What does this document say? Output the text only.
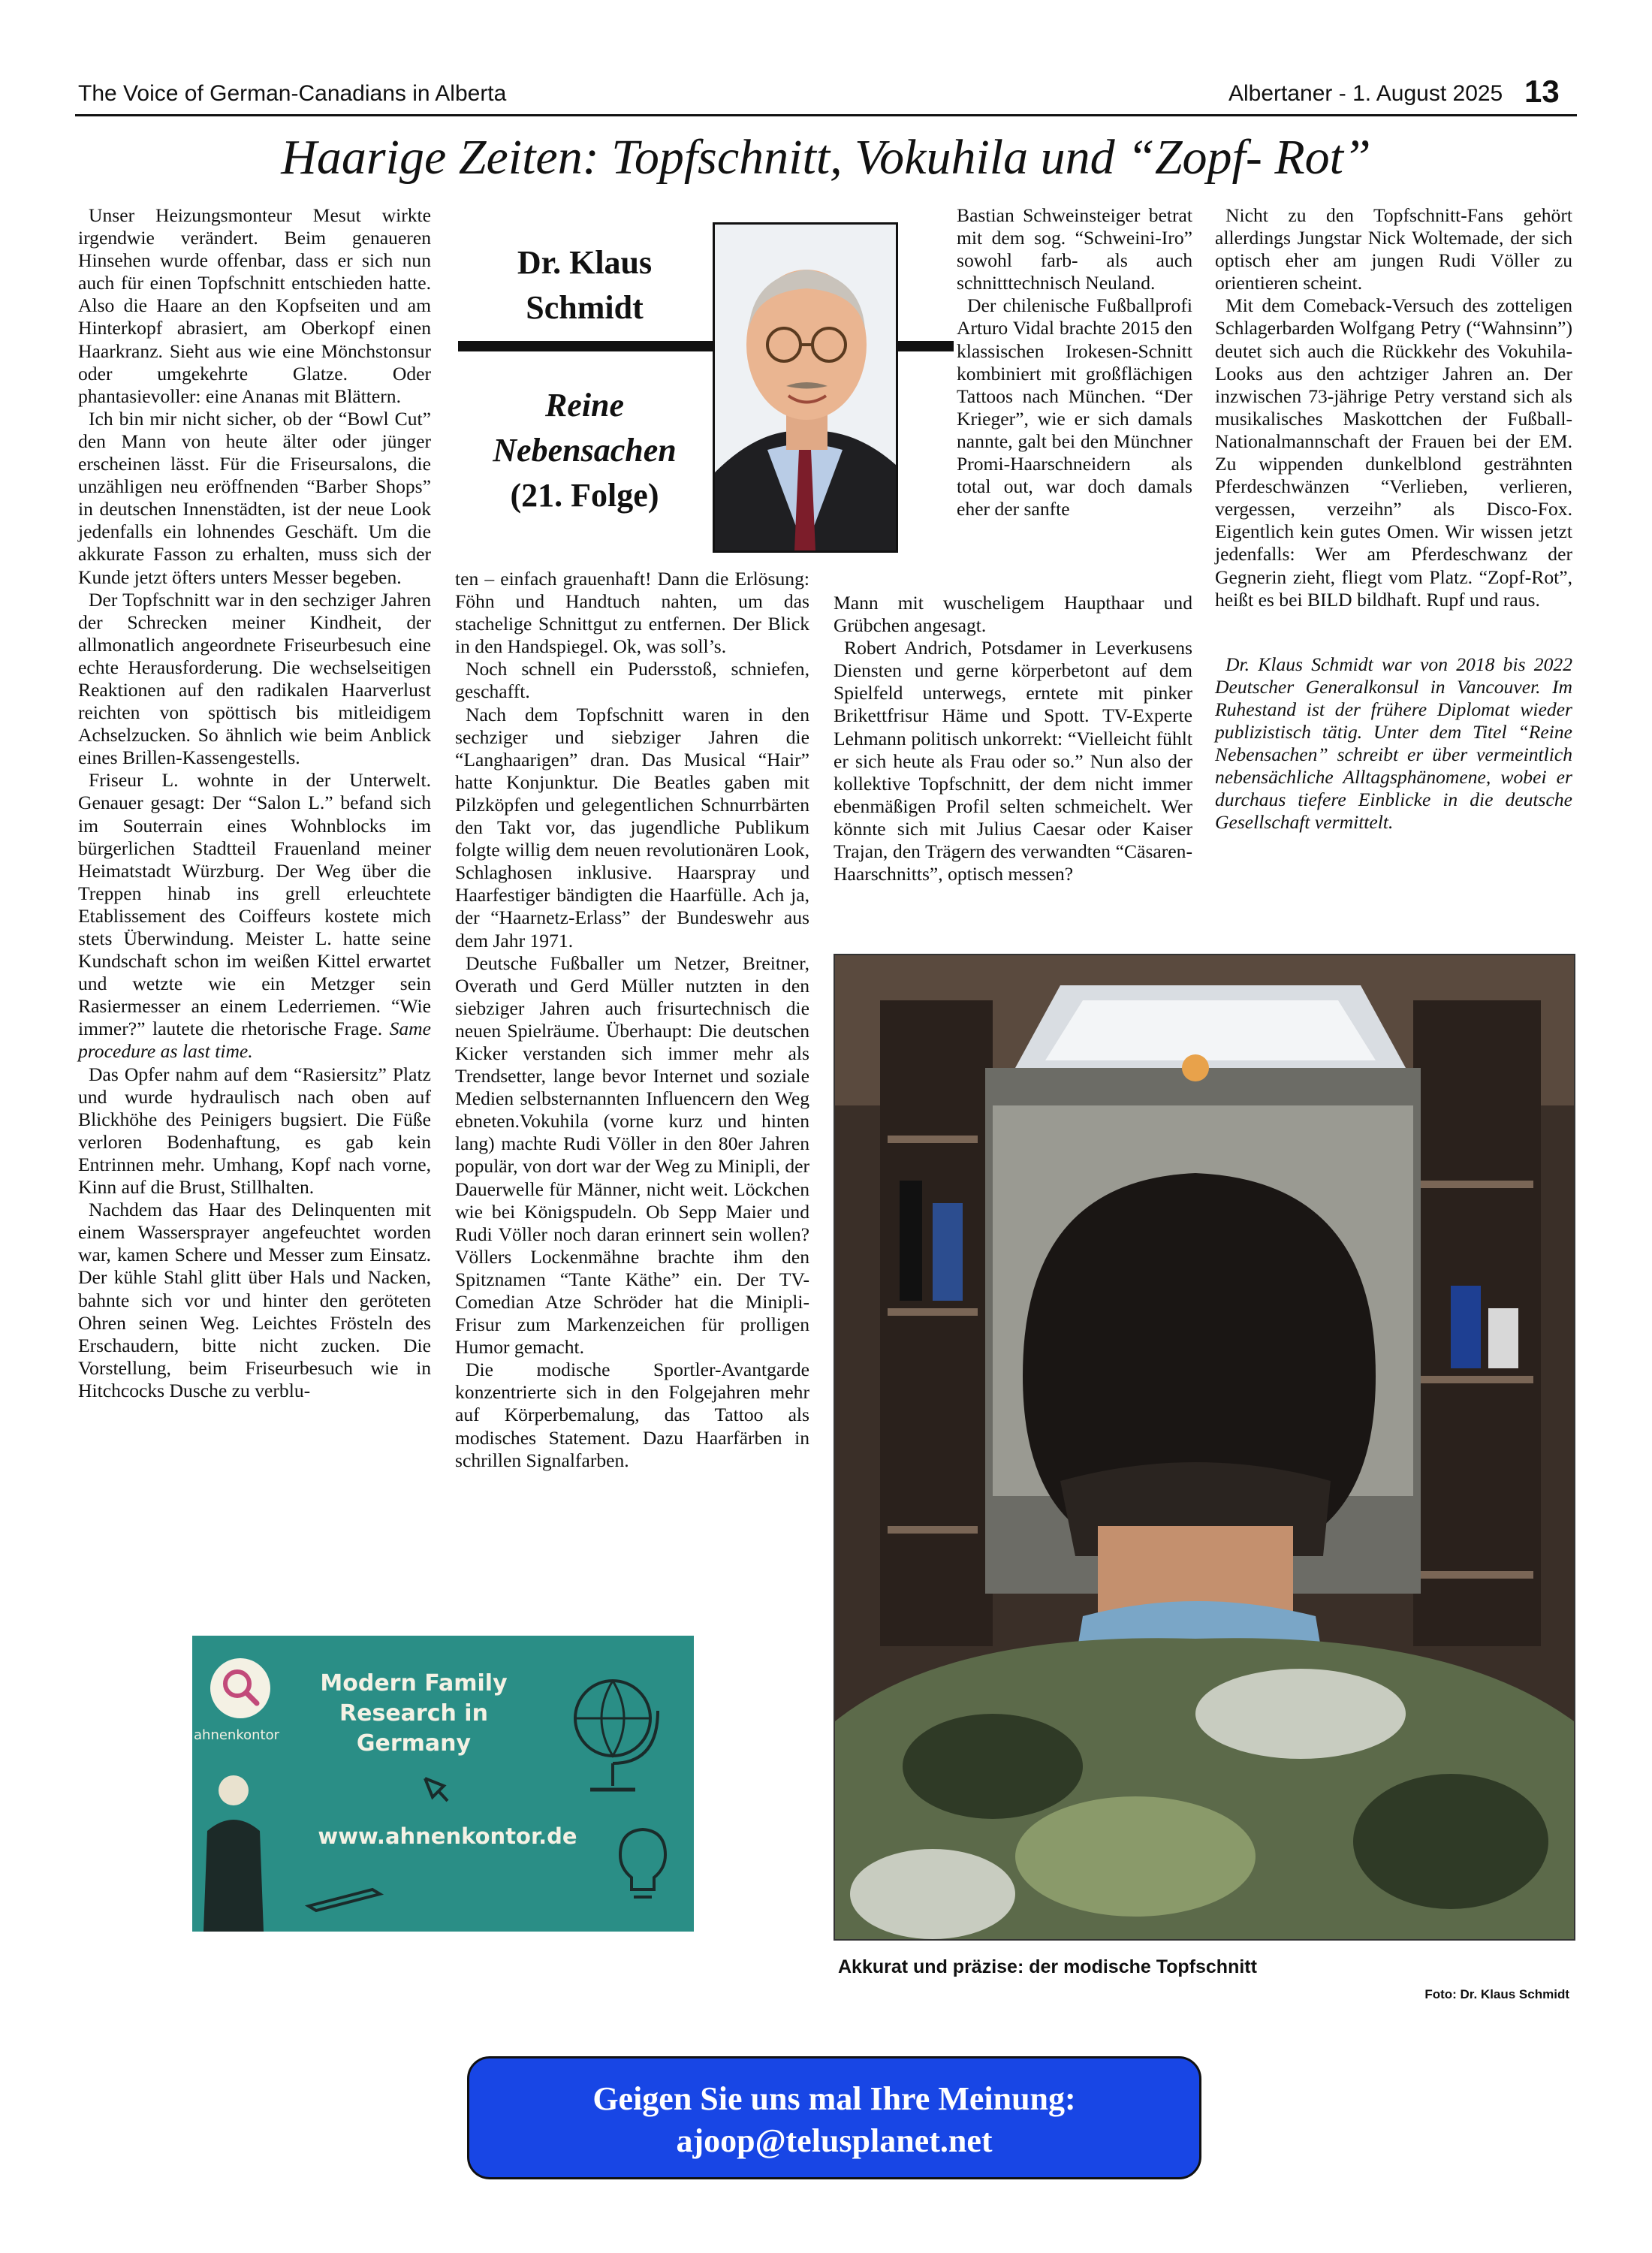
The Voice of German-Canadians in Alberta	Albertaner - 1. August 2025 13
Haarige Zeiten: Topfschnitt, Vokuhila und “Zopf- Rot”

Unser Heizungsmonteur Mesut wirkte irgendwie verändert. Beim genaueren Hinsehen wurde offenbar, dass er sich nun auch für einen Topfschnitt entschieden hatte. Also die Haare an den Kopfseiten und am Hinterkopf abrasiert, am Oberkopf einen Haarkranz. Sieht aus wie eine Mönchstonsur oder umgekehrte Glatze. Oder phantasievoller: eine Ananas mit Blättern.

Ich bin mir nicht sicher, ob der “Bowl Cut” den Mann von heute älter oder jünger erscheinen lässt. Für die Friseursalons, die unzähligen neu eröffnenden “Barber Shops” in deutschen Innenstädten, ist der neue Look jedenfalls ein lohnendes Geschäft. Um die akkurate Fasson zu erhalten, muss sich der Kunde jetzt öfters unters Messer begeben.

Der Topfschnitt war in den sechziger Jahren der Schrecken meiner Kindheit, der allmonatlich angeordnete Friseurbesuch eine echte Herausforderung. Die wechselseitigen Reaktionen auf den radikalen Haarverlust reichten von spöttisch bis mitleidigem Achselzucken. So ähnlich wie beim Anblick eines Brillen-Kassengestells.

Friseur L. wohnte in der Unterwelt. Genauer gesagt: Der “Salon L.” befand sich im Souterrain eines Wohnblocks im bürgerlichen Stadtteil Frauenland meiner Heimatstadt Würzburg. Der Weg über die Treppen hinab ins grell erleuchtete Etablissement des Coiffeurs kostete mich stets Überwindung. Meister L. hatte seine Kundschaft schon im weißen Kittel erwartet und wetzte wie ein Metzger sein Rasiermesser an einem Lederriemen. “Wie immer?” lautete die rhetorische Frage. Same procedure as last time.

Das Opfer nahm auf dem “Rasiersitz” Platz und wurde hydraulisch nach oben auf Blickhöhe des Peinigers bugsiert. Die Füße verloren Bodenhaftung, es gab kein Entrinnen mehr. Umhang, Kopf nach vorne, Kinn auf die Brust, Stillhalten.

Nachdem das Haar des Delinquenten mit einem Wassersprayer angefeuchtet worden war, kamen Schere und Messer zum Einsatz. Der kühle Stahl glitt über Hals und Nacken, bahnte sich vor und hinter den geröteten Ohren seinen Weg. Leichtes Frösteln des Erschaudern, bitte nicht zucken. Die Vorstellung, beim Friseurbesuch wie in Hitchcocks Dusche zu verblu-

Dr. Klaus Schmidt
Reine Nebensachen
(21. Folge)

ten – einfach grauenhaft! Dann die Erlösung: Föhn und Handtuch nahten, um das stachelige Schnittgut zu entfernen. Der Blick in den Handspiegel. Ok, was soll’s.

Noch schnell ein Pudersstoß, schniefen, geschafft.

Nach dem Topfschnitt waren in den sechziger und siebziger Jahren die “Langhaarigen” dran. Das Musical “Hair” hatte Konjunktur. Die Beatles gaben mit Pilzköpfen und gelegentlichen Schnurrbärten den Takt vor, das jugendliche Publikum folgte willig dem neuen revolutionären Look, Schlaghosen inklusive. Haarspray und Haarfestiger bändigten die Haarfülle. Ach ja, der “Haarnetz-Erlass” der Bundeswehr aus dem Jahr 1971.

Deutsche Fußballer um Netzer, Breitner, Overath und Gerd Müller nutzten in den siebziger Jahren auch frisurtechnisch die neuen Spielräume. Überhaupt: Die deutschen Kicker verstanden sich immer mehr als Trendsetter, lange bevor Internet und soziale Medien selbsternannten Influencern den Weg ebneten.Vokuhila (vorne kurz und hinten lang) machte Rudi Völler in den 80er Jahren populär, von dort war der Weg zu Minipli, der Dauerwelle für Männer, nicht weit. Löckchen wie bei Königspudeln. Ob Sepp Maier und Rudi Völler noch daran erinnert sein wollen? Völlers Lockenmähne brachte ihm den Spitznamen “Tante Käthe” ein. Der TV-Comedian Atze Schröder hat die Minipli-Frisur zum Markenzeichen für prolligen Humor gemacht.

Die modische Sportler-Avantgarde konzentrierte sich in den Folgejahren mehr auf Körperbemalung, das Tattoo als modisches Statement. Dazu Haarfärben in schrillen Signalfarben.

Bastian Schweinsteiger betrat mit dem sog. “Schweini-Iro” sowohl farb- als auch schnitttechnisch Neuland.

Der chilenische Fußballprofi Arturo Vidal brachte 2015 den klassischen Irokesen-Schnitt kombiniert mit großflächigen Tattoos nach München. “Der Krieger”, wie er sich damals nannte, galt bei den Münchner Promi-Haarschneidern als total out, war doch damals eher der sanfte

Mann mit wuscheligem Haupthaar und Grübchen angesagt.

Robert Andrich, Potsdamer in Leverkusens Diensten und gerne körperbetont auf dem Spielfeld unterwegs, erntete mit pinker Brikettfrisur Häme und Spott. TV-Experte Lehmann politisch unkorrekt: “Vielleicht fühlt er sich heute als Frau oder so.” Nun also der kollektive Topfschnitt, der dem nicht immer ebenmäßigen Profil selten schmeichelt. Wer könnte sich mit Julius Caesar oder Kaiser Trajan, den Trägern des verwandten “Cäsaren-Haarschnitts”, optisch messen?

Nicht zu den Topfschnitt-Fans gehört allerdings Jungstar Nick Woltemade, der sich optisch eher am jungen Rudi Völler zu orientieren scheint.

Mit dem Comeback-Versuch des zotteligen Schlagerbarden Wolfgang Petry (“Wahnsinn”) deutet sich auch die Rückkehr des Vokuhila-Looks aus den achtziger Jahren an. Der inzwischen 73-jährige Petry verstand sich als musikalisches Maskottchen der Fußball-Nationalmannschaft der Frauen bei der EM. Zu wippenden dunkelblond gesträhnten Pferdeschwänzen “Verlieben, verlieren, vergessen, verzeihn” als Disco-Fox. Eigentlich kein gutes Omen. Wir wissen jetzt jedenfalls: Wer am Pferdeschwanz der Gegnerin zieht, fliegt vom Platz. “Zopf-Rot”, heißt es bei BILD bildhaft. Rupf und raus.

Dr. Klaus Schmidt war von 2018 bis 2022 Deutscher Generalkonsul in Vancouver. Im Ruhestand ist der frühere Diplomat wieder publizistisch tätig. Unter dem Titel “Reine Nebensachen” schreibt er über vermeintlich nebensächliche Alltagsphänomene, wobei er durchaus tiefere Einblicke in die deutsche Gesellschaft vermittelt.

Akkurat und präzise: der modische Topfschnitt
Foto: Dr. Klaus Schmidt
ahnenkontor
Modern Family Research in Germany
www.ahnenkontor.de
Geigen Sie uns mal Ihre Meinung:
ajoop@telusplanet.net
